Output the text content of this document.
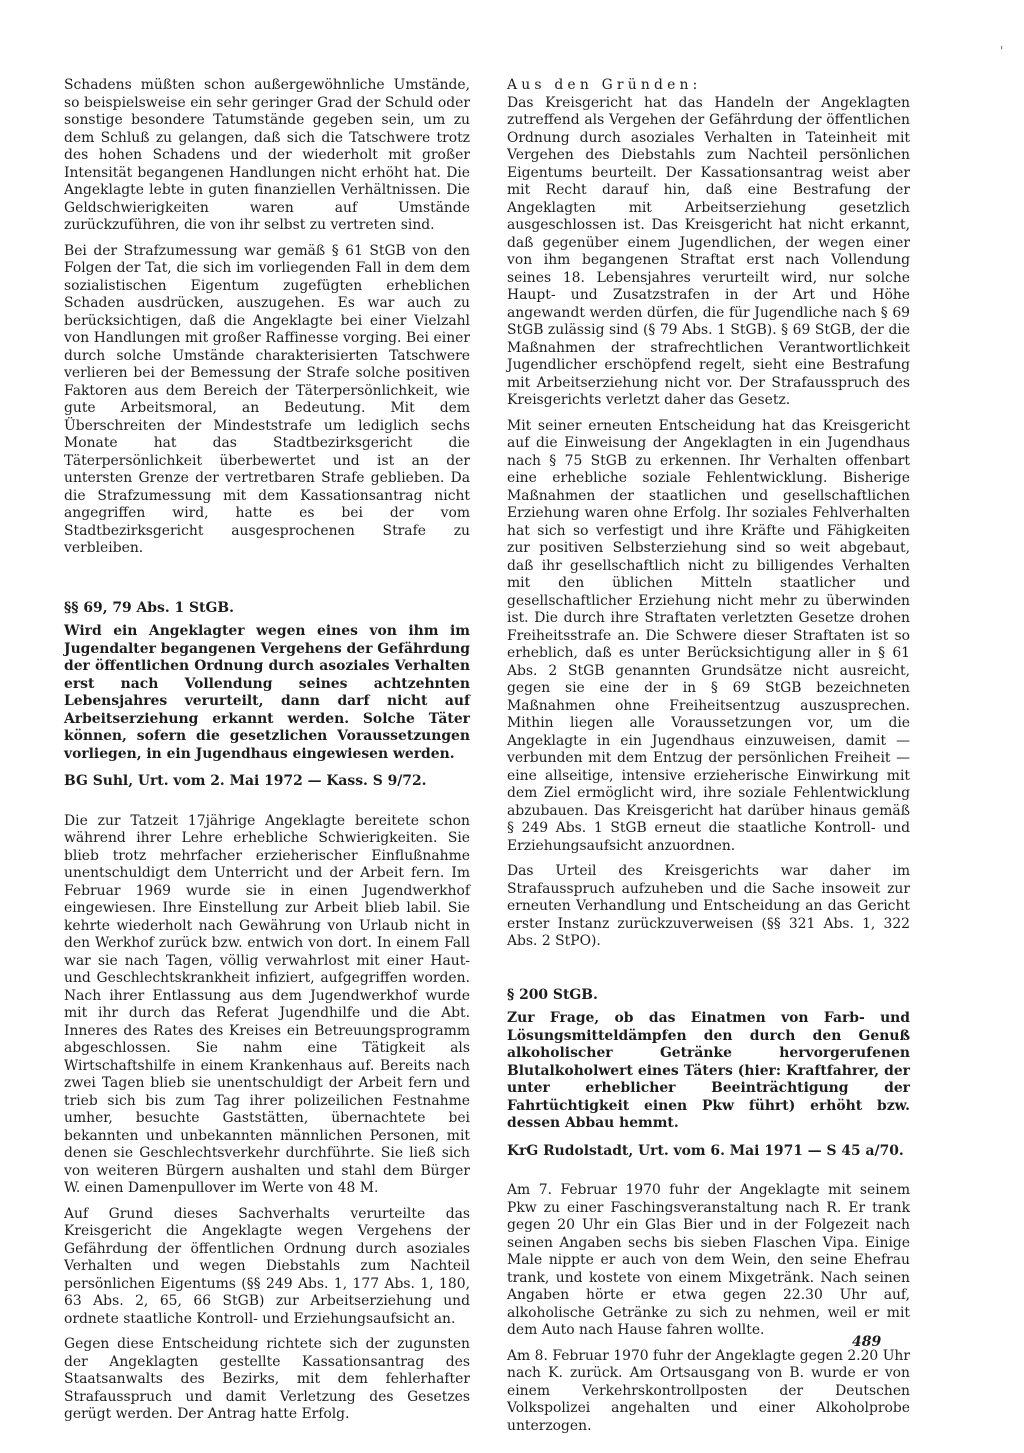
'

Schadens müßten schon außergewöhnliche Umstände, so beispielsweise ein sehr geringer Grad der Schuld oder sonstige besondere Tatumstände gegeben sein, um zu dem Schluß zu gelangen, daß sich die Tatschwere trotz des hohen Schadens und der wiederholt mit großer Intensität begangenen Handlungen nicht erhöht hat. Die Angeklagte lebte in guten finanziellen Verhältnissen. Die Geldschwierigkeiten waren auf Umstände zurückzuführen, die von ihr selbst zu vertreten sind.

Bei der Strafzumessung war gemäß § 61 StGB von den Folgen der Tat, die sich im vorliegenden Fall in dem dem sozialistischen Eigentum zugefügten erheblichen Schaden ausdrücken, auszugehen. Es war auch zu berücksichtigen, daß die Angeklagte bei einer Vielzahl von Handlungen mit großer Raffinesse vorging. Bei einer durch solche Umstände charakterisierten Tatschwere verlieren bei der Bemessung der Strafe solche positiven Faktoren aus dem Bereich der Täterpersönlichkeit, wie gute Arbeitsmoral, an Bedeutung. Mit dem Überschreiten der Mindeststrafe um lediglich sechs Monate hat das Stadtbezirksgericht die Täterpersönlichkeit überbewertet und ist an der untersten Grenze der vertretbaren Strafe geblieben. Da die Strafzumessung mit dem Kassationsantrag nicht angegriffen wird, hatte es bei der vom Stadtbezirksgericht ausgesprochenen Strafe zu verbleiben.

§§ 69, 79 Abs. 1 StGB.

Wird ein Angeklagter wegen eines von ihm im Jugendalter begangenen Vergehens der Gefährdung der öffentlichen Ordnung durch asoziales Verhalten erst nach Vollendung seines achtzehnten Lebensjahres verurteilt, dann darf nicht auf Arbeitserziehung erkannt werden. Solche Täter können, sofern die gesetzlichen Voraussetzungen vorliegen, in ein Jugendhaus eingewiesen werden.

BG Suhl, Urt. vom 2. Mai 1972 — Kass. S 9/72.

Die zur Tatzeit 17jährige Angeklagte bereitete schon während ihrer Lehre erhebliche Schwierigkeiten. Sie blieb trotz mehrfacher erzieherischer Einflußnahme unentschuldigt dem Unterricht und der Arbeit fern. Im Februar 1969 wurde sie in einen Jugendwerkhof eingewiesen. Ihre Einstellung zur Arbeit blieb labil. Sie kehrte wiederholt nach Gewährung von Urlaub nicht in den Werkhof zurück bzw. entwich von dort. In einem Fall war sie nach Tagen, völlig verwahrlost mit einer Haut- und Geschlechtskrankheit infiziert, aufgegriffen worden. Nach ihrer Entlassung aus dem Jugendwerkhof wurde mit ihr durch das Referat Jugendhilfe und die Abt. Inneres des Rates des Kreises ein Betreuungsprogramm abgeschlossen. Sie nahm eine Tätigkeit als Wirtschaftshilfe in einem Krankenhaus auf. Bereits nach zwei Tagen blieb sie unentschuldigt der Arbeit fern und trieb sich bis zum Tag ihrer polizeilichen Festnahme umher, besuchte Gaststätten, übernachtete bei bekannten und unbekannten männlichen Personen, mit denen sie Geschlechtsverkehr durchführte. Sie ließ sich von weiteren Bürgern aushalten und stahl dem Bürger W. einen Damenpullover im Werte von 48 M.

Auf Grund dieses Sachverhalts verurteilte das Kreisgericht die Angeklagte wegen Vergehens der Gefährdung der öffentlichen Ordnung durch asoziales Verhalten und wegen Diebstahls zum Nachteil persönlichen Eigentums (§§ 249 Abs. 1, 177 Abs. 1, 180, 63 Abs. 2, 65, 66 StGB) zur Arbeitserziehung und ordnete staatliche Kontroll- und Erziehungsaufsicht an.

Gegen diese Entscheidung richtete sich der zugunsten der Angeklagten gestellte Kassationsantrag des Staatsanwalts des Bezirks, mit dem fehlerhafter Strafausspruch und damit Verletzung des Gesetzes gerügt werden. Der Antrag hatte Erfolg.

Aus den Gründen:

Das Kreisgericht hat das Handeln der Angeklagten zutreffend als Vergehen der Gefährdung der öffentlichen Ordnung durch asoziales Verhalten in Tateinheit mit Vergehen des Diebstahls zum Nachteil persönlichen Eigentums beurteilt. Der Kassationsantrag weist aber mit Recht darauf hin, daß eine Bestrafung der Angeklagten mit Arbeitserziehung gesetzlich ausgeschlossen ist. Das Kreisgericht hat nicht erkannt, daß gegenüber einem Jugendlichen, der wegen einer von ihm begangenen Straftat erst nach Vollendung seines 18. Lebensjahres verurteilt wird, nur solche Haupt- und Zusatzstrafen in der Art und Höhe angewandt werden dürfen, die für Jugendliche nach § 69 StGB zulässig sind (§ 79 Abs. 1 StGB). § 69 StGB, der die Maßnahmen der strafrechtlichen Verantwortlichkeit Jugendlicher erschöpfend regelt, sieht eine Bestrafung mit Arbeitserziehung nicht vor. Der Strafausspruch des Kreisgerichts verletzt daher das Gesetz.

Mit seiner erneuten Entscheidung hat das Kreisgericht auf die Einweisung der Angeklagten in ein Jugendhaus nach § 75 StGB zu erkennen. Ihr Verhalten offenbart eine erhebliche soziale Fehlentwicklung. Bisherige Maßnahmen der staatlichen und gesellschaftlichen Erziehung waren ohne Erfolg. Ihr soziales Fehlverhalten hat sich so verfestigt und ihre Kräfte und Fähigkeiten zur positiven Selbsterziehung sind so weit abgebaut, daß ihr gesellschaftlich nicht zu billigendes Verhalten mit den üblichen Mitteln staatlicher und gesellschaftlicher Erziehung nicht mehr zu überwinden ist. Die durch ihre Straftaten verletzten Gesetze drohen Freiheitsstrafe an. Die Schwere dieser Straftaten ist so erheblich, daß es unter Berücksichtigung aller in § 61 Abs. 2 StGB genannten Grundsätze nicht ausreicht, gegen sie eine der in § 69 StGB bezeichneten Maßnahmen ohne Freiheitsentzug auszusprechen. Mithin liegen alle Voraussetzungen vor, um die Angeklagte in ein Jugendhaus einzuweisen, damit — verbunden mit dem Entzug der persönlichen Freiheit — eine allseitige, intensive erzieherische Einwirkung mit dem Ziel ermöglicht wird, ihre soziale Fehlentwicklung abzubauen. Das Kreisgericht hat darüber hinaus gemäß § 249 Abs. 1 StGB erneut die staatliche Kontroll- und Erziehungsaufsicht anzuordnen.

Das Urteil des Kreisgerichts war daher im Strafausspruch aufzuheben und die Sache insoweit zur erneuten Verhandlung und Entscheidung an das Gericht erster Instanz zurückzuverweisen (§§ 321 Abs. 1, 322 Abs. 2 StPO).

§ 200 StGB.

Zur Frage, ob das Einatmen von Farb- und Lösungsmitteldämpfen den durch den Genuß alkoholischer Getränke hervorgerufenen Blutalkoholwert eines Täters (hier: Kraftfahrer, der unter erheblicher Beeinträchtigung der Fahrtüchtigkeit einen Pkw führt) erhöht bzw. dessen Abbau hemmt.

KrG Rudolstadt, Urt. vom 6. Mai 1971 — S 45 a/70.

Am 7. Februar 1970 fuhr der Angeklagte mit seinem Pkw zu einer Faschingsveranstaltung nach R. Er trank gegen 20 Uhr ein Glas Bier und in der Folgezeit nach seinen Angaben sechs bis sieben Flaschen Vipa. Einige Male nippte er auch von dem Wein, den seine Ehefrau trank, und kostete von einem Mixgetränk. Nach seinen Angaben hörte er etwa gegen 22.30 Uhr auf, alkoholische Getränke zu sich zu nehmen, weil er mit dem Auto nach Hause fahren wollte.

Am 8. Februar 1970 fuhr der Angeklagte gegen 2.20 Uhr nach K. zurück. Am Ortsausgang von B. wurde er von einem Verkehrskontrollposten der Deutschen Volkspolizei angehalten und einer Alkoholprobe unterzogen.

489
